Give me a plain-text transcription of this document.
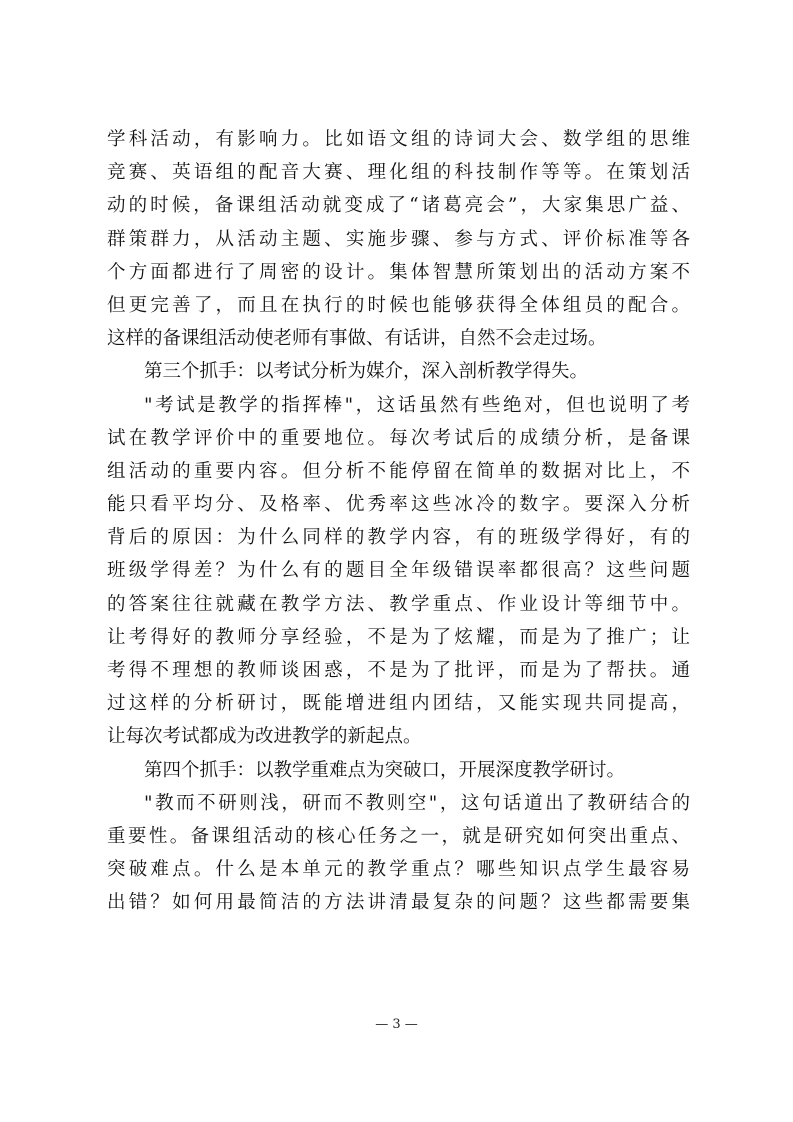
学科活动，有影响力。比如语文组的诗词大会、数学组的思维
竞赛、英语组的配音大赛、理化组的科技制作等等。在策划活
动的时候，备课组活动就变成了“诸葛亮会”，大家集思广益、
群策群力，从活动主题、实施步骤、参与方式、评价标准等各
个方面都进行了周密的设计。集体智慧所策划出的活动方案不
但更完善了，而且在执行的时候也能够获得全体组员的配合。
这样的备课组活动使老师有事做、有话讲，自然不会走过场。
第三个抓手：以考试分析为媒介，深入剖析教学得失。
"考试是教学的指挥棒"，这话虽然有些绝对，但也说明了考
试在教学评价中的重要地位。每次考试后的成绩分析，是备课
组活动的重要内容。但分析不能停留在简单的数据对比上，不
能只看平均分、及格率、优秀率这些冰冷的数字。要深入分析
背后的原因：为什么同样的教学内容，有的班级学得好，有的
班级学得差？为什么有的题目全年级错误率都很高？这些问题
的答案往往就藏在教学方法、教学重点、作业设计等细节中。
让考得好的教师分享经验，不是为了炫耀，而是为了推广；让
考得不理想的教师谈困惑，不是为了批评，而是为了帮扶。通
过这样的分析研讨，既能增进组内团结，又能实现共同提高，
让每次考试都成为改进教学的新起点。
第四个抓手：以教学重难点为突破口，开展深度教学研讨。
"教而不研则浅，研而不教则空"，这句话道出了教研结合的
重要性。备课组活动的核心任务之一，就是研究如何突出重点、
突破难点。什么是本单元的教学重点？哪些知识点学生最容易
出错？如何用最简洁的方法讲清最复杂的问题？这些都需要集
— 3 —
